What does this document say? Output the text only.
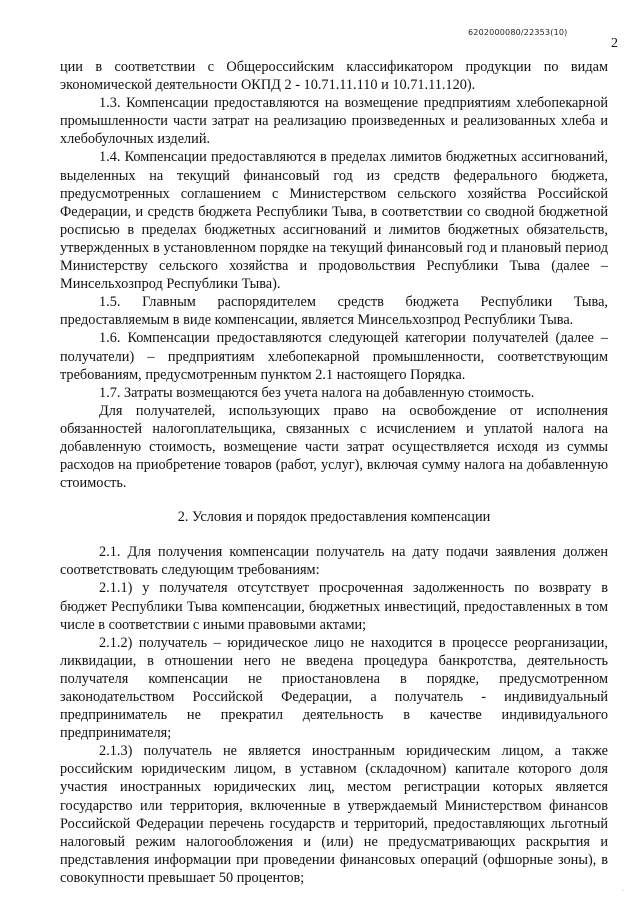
6202000080/22353(10)
2

ции в соответствии с Общероссийским классификатором продукции по видам экономической деятельности ОКПД 2 - 10.71.11.110 и 10.71.11.120).

1.3. Компенсации предоставляются на возмещение предприятиям хлебопекарной промышленности части затрат на реализацию произведенных и реализованных хлеба и хлебобулочных изделий.

1.4. Компенсации предоставляются в пределах лимитов бюджетных ассигнований, выделенных на текущий финансовый год из средств федерального бюджета, предусмотренных соглашением с Министерством сельского хозяйства Российской Федерации, и средств бюджета Республики Тыва, в соответствии со сводной бюджетной росписью в пределах бюджетных ассигнований и лимитов бюджетных обязательств, утвержденных в установленном порядке на текущий финансовый год и плановый период Министерству сельского хозяйства и продовольствия Республики Тыва (далее – Минсельхозпрод Республики Тыва).

1.5. Главным распорядителем средств бюджета Республики Тыва, предоставляемым в виде компенсации, является Минсельхозпрод Республики Тыва.

1.6. Компенсации предоставляются следующей категории получателей (далее – получатели) – предприятиям хлебопекарной промышленности, соответствующим требованиям, предусмотренным пунктом 2.1 настоящего Порядка.

1.7. Затраты возмещаются без учета налога на добавленную стоимость.

Для получателей, использующих право на освобождение от исполнения обязанностей налогоплательщика, связанных с исчислением и уплатой налога на добавленную стоимость, возмещение части затрат осуществляется исходя из суммы расходов на приобретение товаров (работ, услуг), включая сумму налога на добавленную стоимость.

2. Условия и порядок предоставления компенсации

2.1. Для получения компенсации получатель на дату подачи заявления должен соответствовать следующим требованиям:

2.1.1) у получателя отсутствует просроченная задолженность по возврату в бюджет Республики Тыва компенсации, бюджетных инвестиций, предоставленных в том числе в соответствии с иными правовыми актами;

2.1.2) получатель – юридическое лицо не находится в процессе реорганизации, ликвидации, в отношении него не введена процедура банкротства, деятельность получателя компенсации не приостановлена в порядке, предусмотренном законодательством Российской Федерации, а получатель - индивидуальный предприниматель не прекратил деятельность в качестве индивидуального предпринимателя;

2.1.3) получатель не является иностранным юридическим лицом, а также российским юридическим лицом, в уставном (складочном) капитале которого доля участия иностранных юридических лиц, местом регистрации которых является государство или территория, включенные в утверждаемый Министерством финансов Российской Федерации перечень государств и территорий, предоставляющих льготный налоговый режим налогообложения и (или) не предусматривающих раскрытия и представления информации при проведении финансовых операций (офшорные зоны), в совокупности превышает 50 процентов;

.
